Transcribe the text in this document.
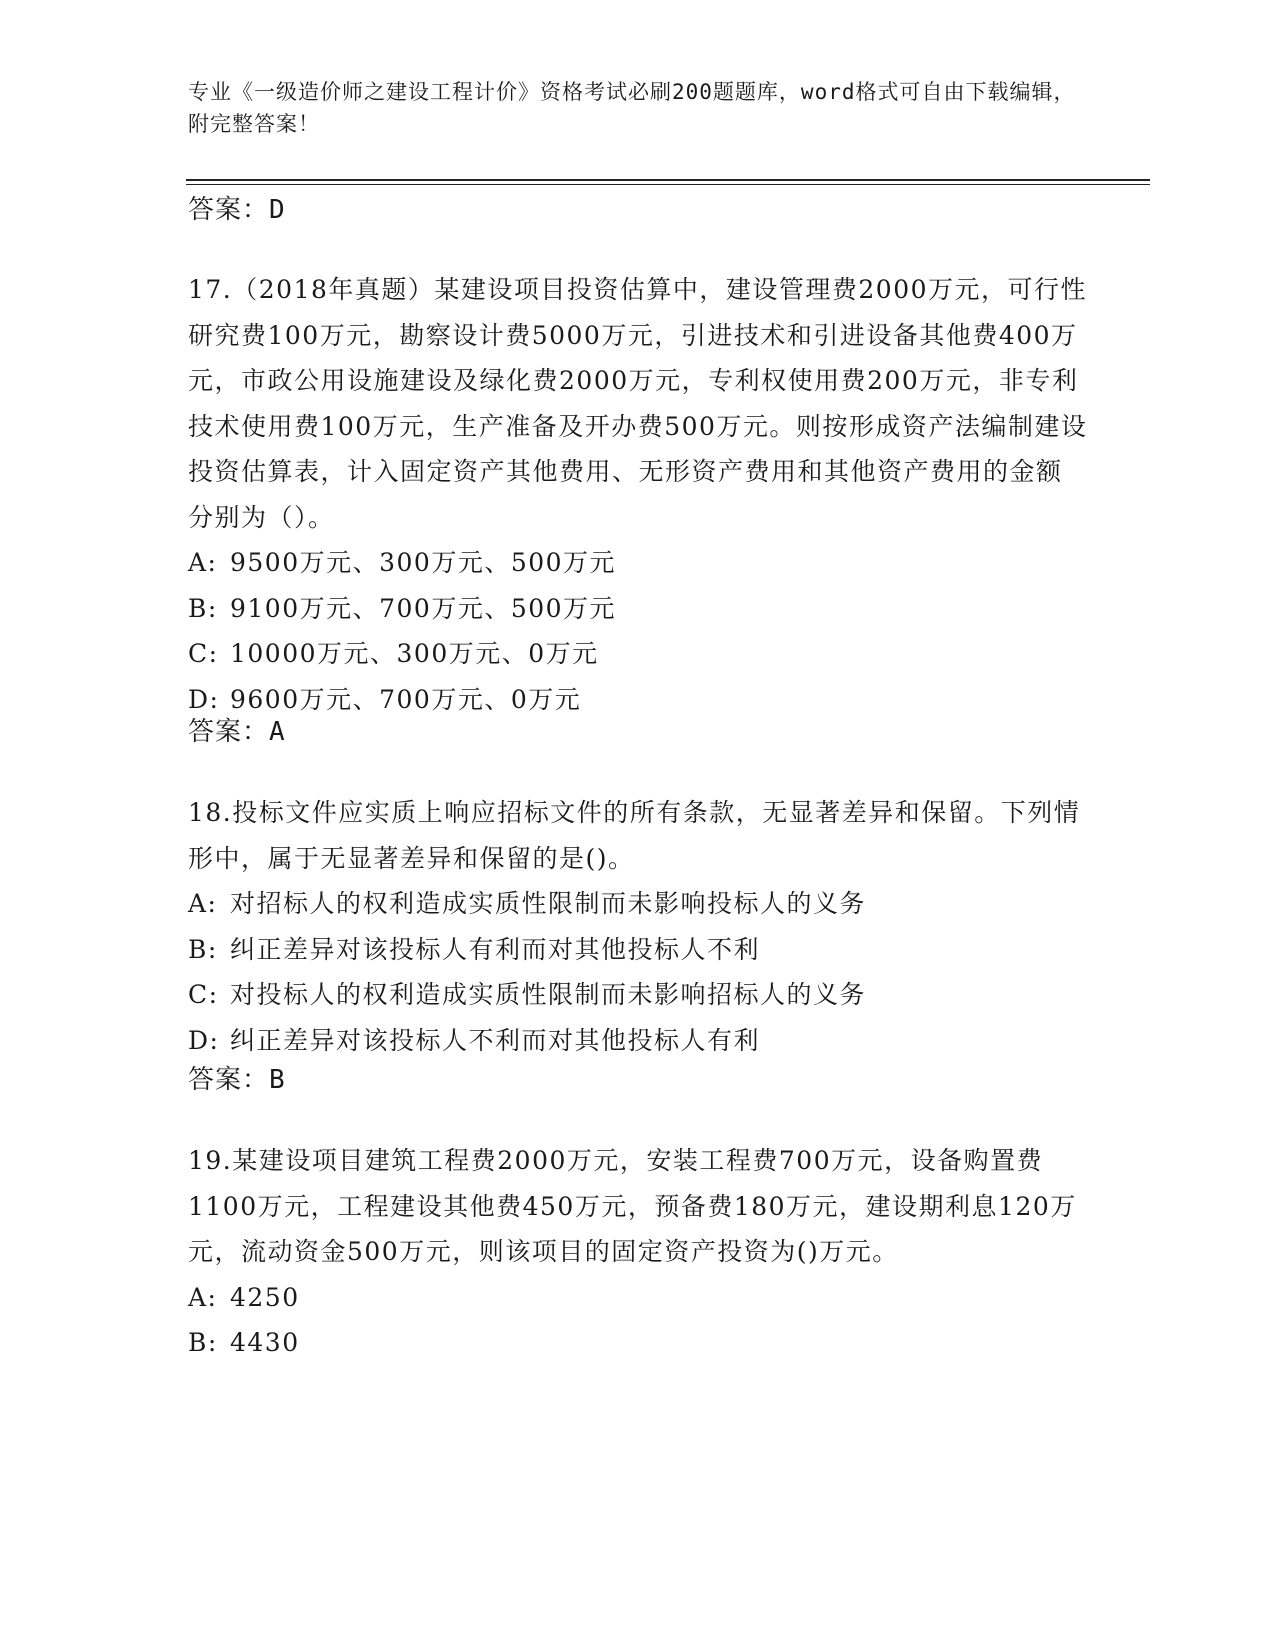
专业《一级造价师之建设工程计价》资格考试必刷200题题库，word格式可自由下载编辑，附完整答案！

答案：D

17.（2018年真题）某建设项目投资估算中，建设管理费2000万元，可行性研究费100万元，勘察设计费5000万元，引进技术和引进设备其他费400万元，市政公用设施建设及绿化费2000万元，专利权使用费200万元，非专利技术使用费100万元，生产准备及开办费500万元。则按形成资产法编制建设投资估算表，计入固定资产其他费用、无形资产费用和其他资产费用的金额分别为（）。

A: 9500万元、300万元、500万元

B: 9100万元、700万元、500万元

C: 10000万元、300万元、0万元

D: 9600万元、700万元、0万元

答案：A

18.投标文件应实质上响应招标文件的所有条款，无显著差异和保留。下列情形中，属于无显著差异和保留的是()。

A: 对招标人的权利造成实质性限制而未影响投标人的义务

B: 纠正差异对该投标人有利而对其他投标人不利

C: 对投标人的权利造成实质性限制而未影响招标人的义务

D: 纠正差异对该投标人不利而对其他投标人有利

答案：B

19.某建设项目建筑工程费2000万元，安装工程费700万元，设备购置费1100万元，工程建设其他费450万元，预备费180万元，建设期利息120万元，流动资金500万元，则该项目的固定资产投资为()万元。

A: 4250

B: 4430
